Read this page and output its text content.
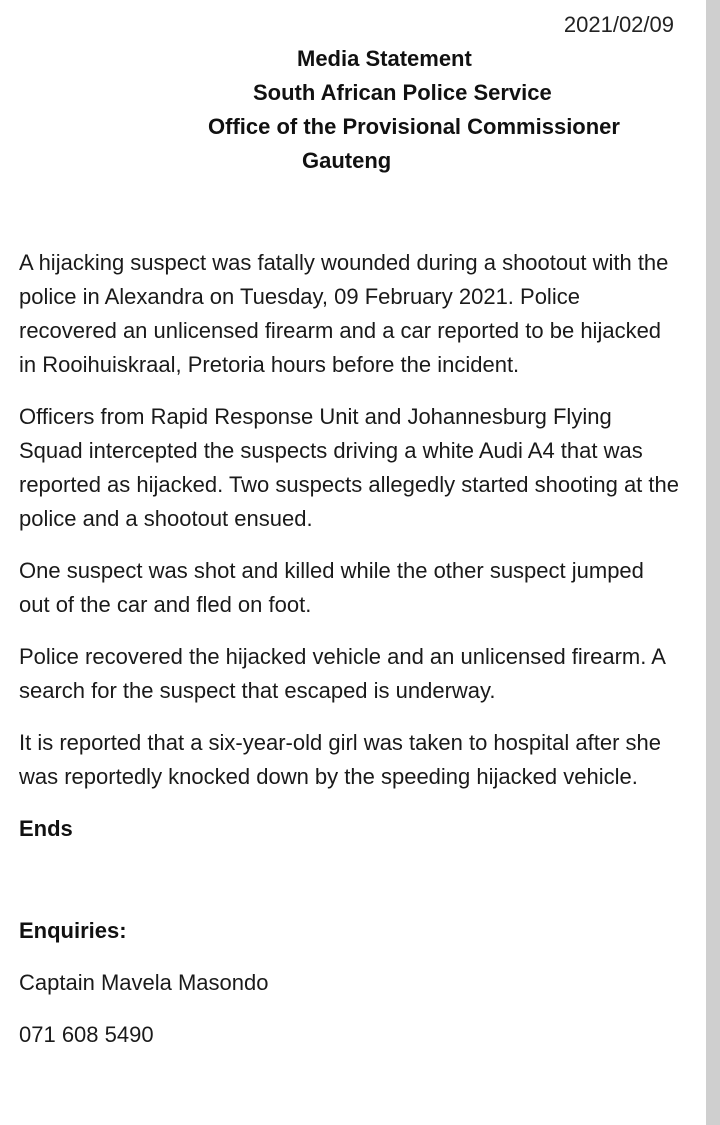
2021/02/09
Media Statement
South African Police Service
Office of the Provisional Commissioner
Gauteng

A hijacking suspect was fatally wounded during a shootout with the police in Alexandra on Tuesday, 09 February 2021. Police recovered an unlicensed firearm and a car reported to be hijacked in Rooihuiskraal, Pretoria hours before the incident.

Officers from Rapid Response Unit and Johannesburg Flying Squad intercepted the suspects driving a white Audi A4 that was reported as hijacked. Two suspects allegedly started shooting at the police and a shootout ensued.

One suspect was shot and killed while the other suspect jumped out of the car and fled on foot.

Police recovered the hijacked vehicle and an unlicensed firearm. A search for the suspect that escaped is underway.

It is reported that a six-year-old girl was taken to hospital after she was reportedly knocked down by the speeding hijacked vehicle.

Ends

Enquiries:

Captain Mavela Masondo

071 608 5490
